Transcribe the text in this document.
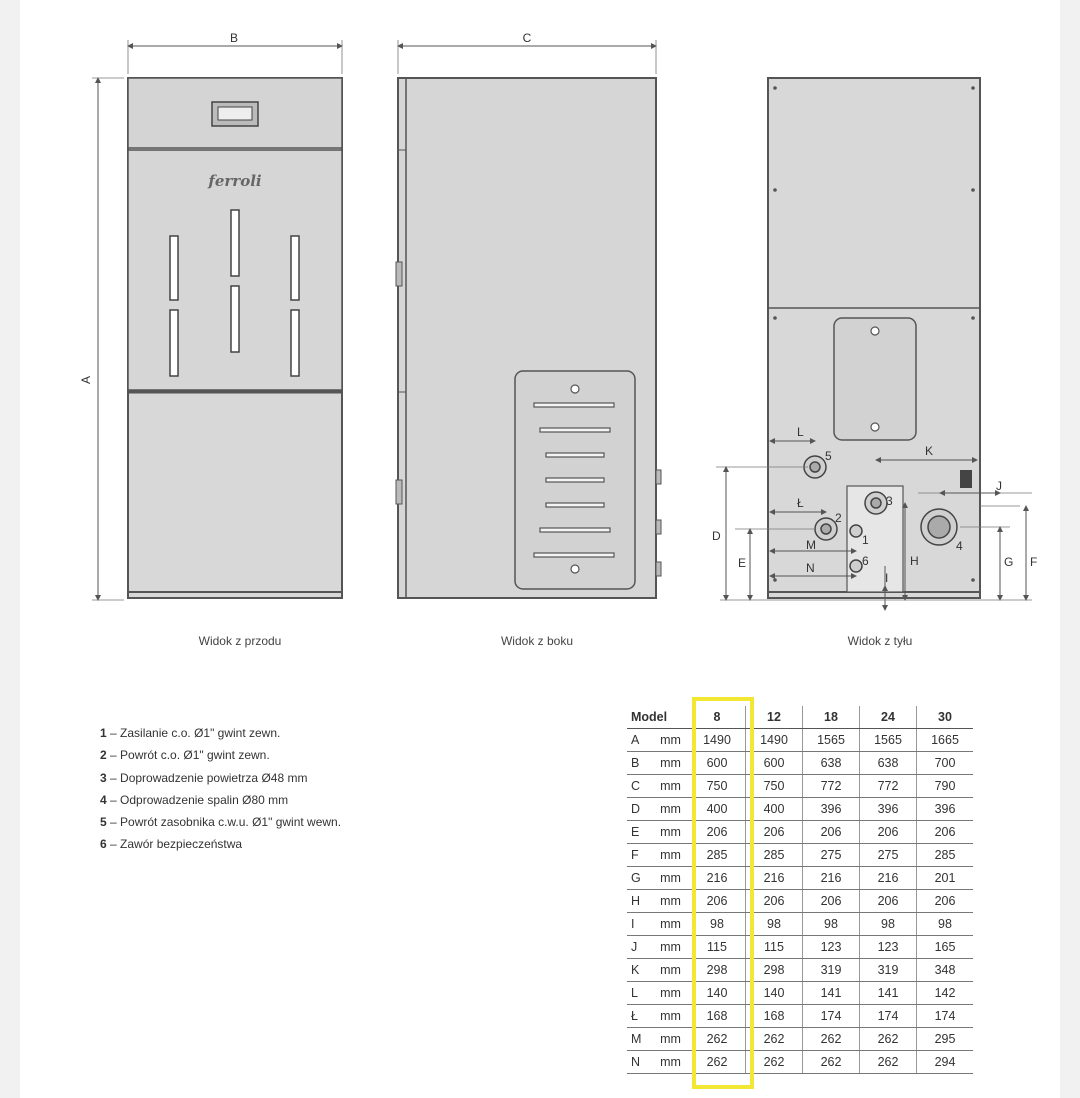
ferroli
B
A
C
1
2
3
4
5
6
L
K
J
Ł
M
N
D
E	H
I
G F
Widok z przodu	Widok z boku	Widok z tyłu
1 – Zasilanie c.o. Ø1" gwint zewn.
2 – Powrót c.o. Ø1" gwint zewn.
3 – Doprowadzenie powietrza Ø48 mm
4 – Odprowadzenie spalin Ø80 mm
5 – Powrót zasobnika c.w.u. Ø1" gwint wewn.
6 – Zawór bezpieczeństwa
Model		8	12	18	24	30
A	mm	1490	1490	1565	1565	1665
B	mm	600	600	638	638	700
C	mm	750	750	772	772	790
D	mm	400	400	396	396	396
E	mm	206	206	206	206	206
F	mm	285	285	275	275	285
G	mm	216	216	216	216	201
H	mm	206	206	206	206	206
I	mm	98	98	98	98	98
J	mm	115	115	123	123	165
K	mm	298	298	319	319	348
L	mm	140	140	141	141	142
Ł	mm	168	168	174	174	174
M	mm	262	262	262	262	295
N	mm	262	262	262	262	294
